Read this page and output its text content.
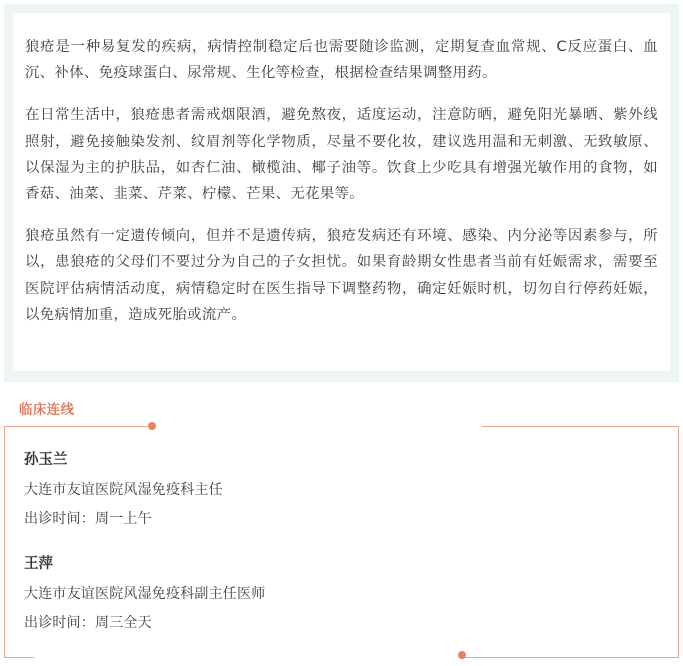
狼疮是一种易复发的疾病，病情控制稳定后也需要随诊监测，定期复查血常规、C反应蛋白、血沉、补体、免疫球蛋白、尿常规、生化等检查，根据检查结果调整用药。

在日常生活中，狼疮患者需戒烟限酒，避免熬夜，适度运动，注意防晒，避免阳光暴晒、紫外线照射，避免接触染发剂、纹眉剂等化学物质，尽量不要化妆，建议选用温和无刺激、无致敏原、以保湿为主的护肤品，如杏仁油、橄榄油、椰子油等。饮食上少吃具有增强光敏作用的食物，如香菇、油菜、韭菜、芹菜、柠檬、芒果、无花果等。

狼疮虽然有一定遗传倾向，但并不是遗传病，狼疮发病还有环境、感染、内分泌等因素参与，所以，患狼疮的父母们不要过分为自己的子女担忧。如果育龄期女性患者当前有妊娠需求，需要至医院评估病情活动度，病情稳定时在医生指导下调整药物，确定妊娠时机，切勿自行停药妊娠，以免病情加重，造成死胎或流产。

临床连线
孙玉兰
大连市友谊医院风湿免疫科主任
出诊时间：周一上午
王萍
大连市友谊医院风湿免疫科副主任医师
出诊时间：周三全天
